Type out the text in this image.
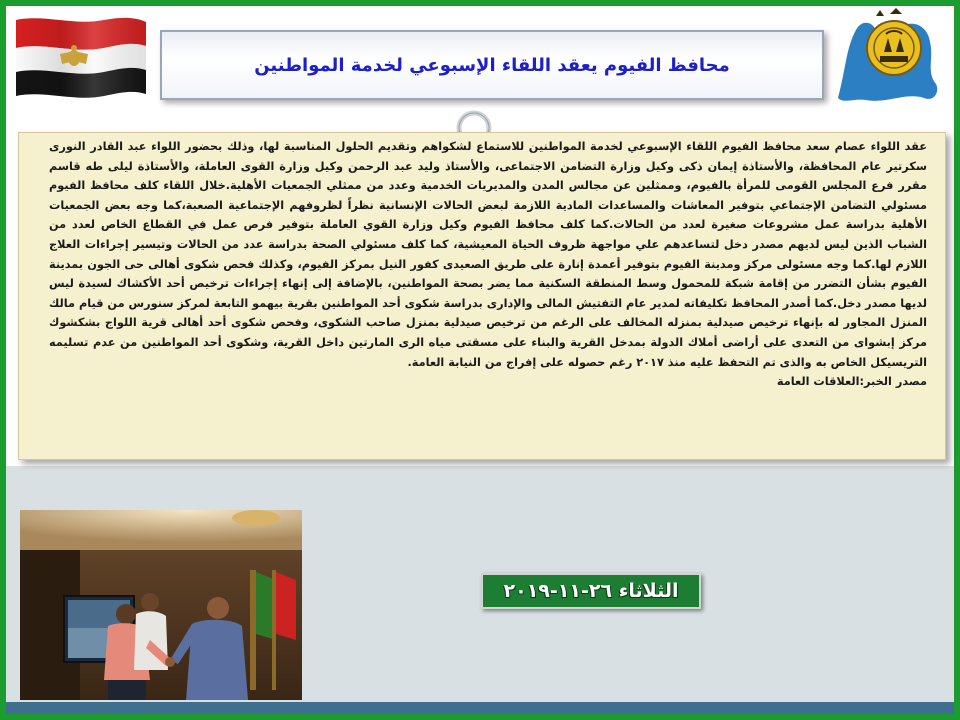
محافظ الفيوم يعقد اللقاء الإسبوعي لخدمة المواطنين

عقد اللواء عصام سعد محافظ الفيوم اللقاء الإسبوعي لخدمة المواطنين للاستماع لشكواهم وتقديم الحلول المناسبة لها، وذلك بحضور اللواء عبد القادر النورى سكرتير عام المحافظة، والأستاذة إيمان ذكى وكيل وزارة التضامن الاجتماعى، والأستاذ وليد عبد الرحمن وكيل وزارة القوى العاملة، والأستاذة ليلى طه قاسم مقرر فرع المجلس القومى للمرأة بالفيوم، وممثلين عن مجالس المدن والمديريات الخدمية وعدد من ممثلي الجمعيات الأهلية.خلال اللقاء كلف محافظ الفيوم مسئولي التضامن الإجتماعي بتوفير المعاشات والمساعدات المادية اللازمة لبعض الحالات الإنسانية نظراً لظروفهم الإجتماعية الصعبة،كما وجه بعض الجمعيات الأهلية بدراسة عمل مشروعات صغيرة لعدد من الحالات.كما كلف محافظ الفيوم وكيل وزارة القوي العاملة بتوفير فرص عمل في القطاع الخاص لعدد من الشباب الذين ليس لديهم مصدر دخل لتساعدهم علي مواجهة ظروف الحياة المعيشية، كما كلف مسئولي الصحة بدراسة عدد من الحالات وتيسير إجراءات العلاج اللازم لها.كما وجه مسئولى مركز ومدينة الفيوم بتوفير أعمدة إنارة على طريق الصعيدى كفور النيل بمركز الفيوم، وكذلك فحص شكوى أهالى حى الجون بمدينة الفيوم بشأن التضرر من إقامة شبكة للمحمول وسط المنطقة السكنية مما يضر بصحة المواطنين، بالإضافة إلى إنهاء إجراءات ترخيص أحد الأكشاك لسيدة ليس لديها مصدر دخل.كما أصدر المحافظ تكليفاته لمدير عام التفتيش المالى والإدارى بدراسة شكوى أحد المواطنين بقرية بيهمو التابعة لمركز سنورس من قيام مالك المنزل المجاور له بإنهاء ترخيص صيدلية بمنزله المخالف على الرغم من ترخيص صيدلية بمنزل صاحب الشكوى، وفحص شكوى أحد أهالى قرية اللواج بشكشوك مركز إبشواى من التعدى على أراضى أملاك الدولة بمدخل القرية والبناء على مسقتى مياه الرى المارتين داخل القرية، وشكوى أحد المواطنين من عدم تسليمه التريسيكل الخاص به والذى تم التحفظ عليه منذ ٢٠١٧ رغم حصوله على إفراج من النيابة العامة.

مصدر الخبر:العلاقات العامة

الثلاثاء ٢٦-١١-٢٠١٩
